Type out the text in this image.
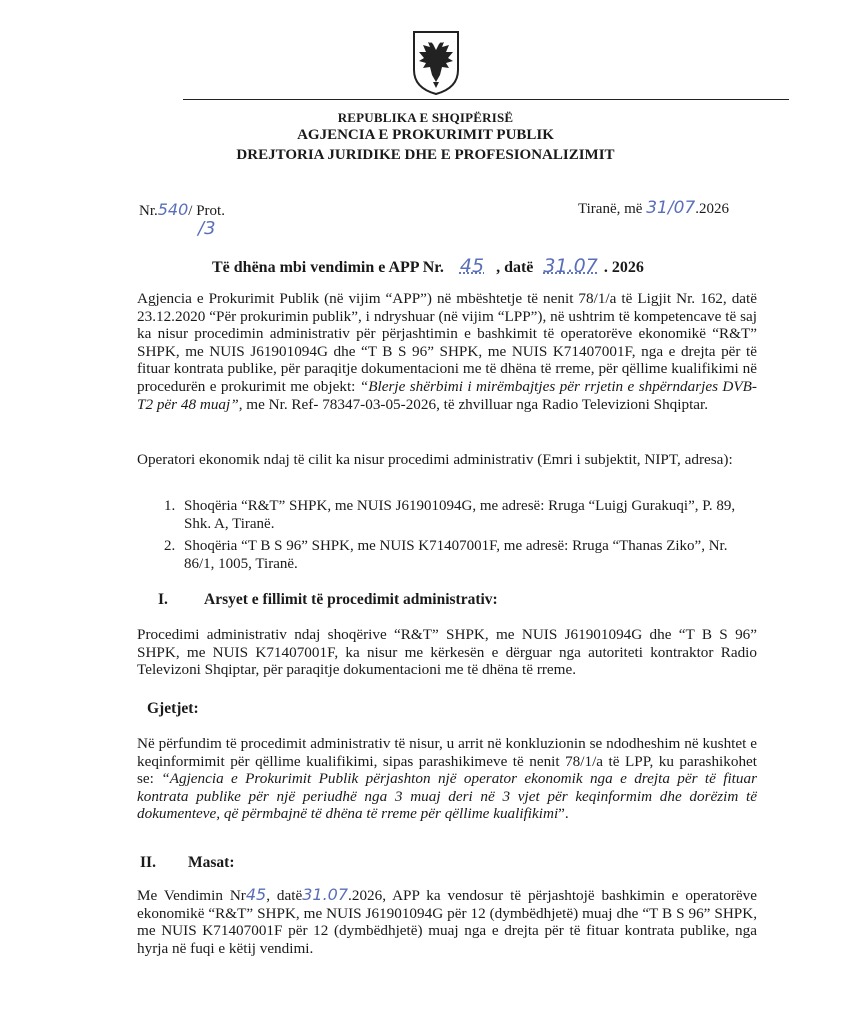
REPUBLIKA E SHQIPËRISË
AGJENCIA E PROKURIMIT PUBLIK
DREJTORIA JURIDIKE DHE E PROFESIONALIZIMIT
Nr.540/ Prot.
/3
Tiranë, më 31/07.2026
Të dhëna mbi vendimin e APP Nr. 45 , datë 31.07 . 2026
Agjencia e Prokurimit Publik (në vijim “APP”) në mbështetje të nenit 78/1/a të Ligjit Nr. 162, datë 23.12.2020 “Për prokurimin publik”, i ndryshuar (në vijim “LPP”), në ushtrim të kompetencave të saj ka nisur procedimin administrativ për përjashtimin e bashkimit të operatorëve ekonomikë “R&T” SHPK, me NUIS J61901094G dhe “T B S 96” SHPK, me NUIS K71407001F, nga e drejta për të fituar kontrata publike, për paraqitje dokumentacioni me të dhëna të rreme, për qëllime kualifikimi në procedurën e prokurimit me objekt: “Blerje shërbimi i mirëmbajtjes për rrjetin e shpërndarjes DVB-T2 për 48 muaj”, me Nr. Ref- 78347-03-05-2026, të zhvilluar nga Radio Televizioni Shqiptar.
Operatori ekonomik ndaj të cilit ka nisur procedimi administrativ (Emri i subjektit, NIPT, adresa):
1. Shoqëria “R&T” SHPK, me NUIS J61901094G, me adresë: Rruga “Luigj Gurakuqi”, P. 89, Shk. A, Tiranë.
2. Shoqëria “T B S 96” SHPK, me NUIS K71407001F, me adresë: Rruga “Thanas Ziko”, Nr. 86/1, 1005, Tiranë.
I. Arsyet e fillimit të procedimit administrativ:
Procedimi administrativ ndaj shoqërive “R&T” SHPK, me NUIS J61901094G dhe “T B S 96” SHPK, me NUIS K71407001F, ka nisur me kërkesën e dërguar nga autoriteti kontraktor Radio Televizoni Shqiptar, për paraqitje dokumentacioni me të dhëna të rreme.
Gjetjet:
Në përfundim të procedimit administrativ të nisur, u arrit në konkluzionin se ndodheshim në kushtet e keqinformimit për qëllime kualifikimi, sipas parashikimeve të nenit 78/1/a të LPP, ku parashikohet se: “Agjencia e Prokurimit Publik përjashton një operator ekonomik nga e drejta për të fituar kontrata publike për një periudhë nga 3 muaj deri në 3 vjet për keqinformim dhe dorëzim të dokumenteve, që përmbajnë të dhëna të rreme për qëllime kualifikimi”.
II. Masat:
Me Vendimin Nr45, datë31.07.2026, APP ka vendosur të përjashtojë bashkimin e operatorëve ekonomikë “R&T” SHPK, me NUIS J61901094G për 12 (dymbëdhjetë) muaj dhe “T B S 96” SHPK, me NUIS K71407001F për 12 (dymbëdhjetë) muaj nga e drejta për të fituar kontrata publike, nga hyrja në fuqi e këtij vendimi.
